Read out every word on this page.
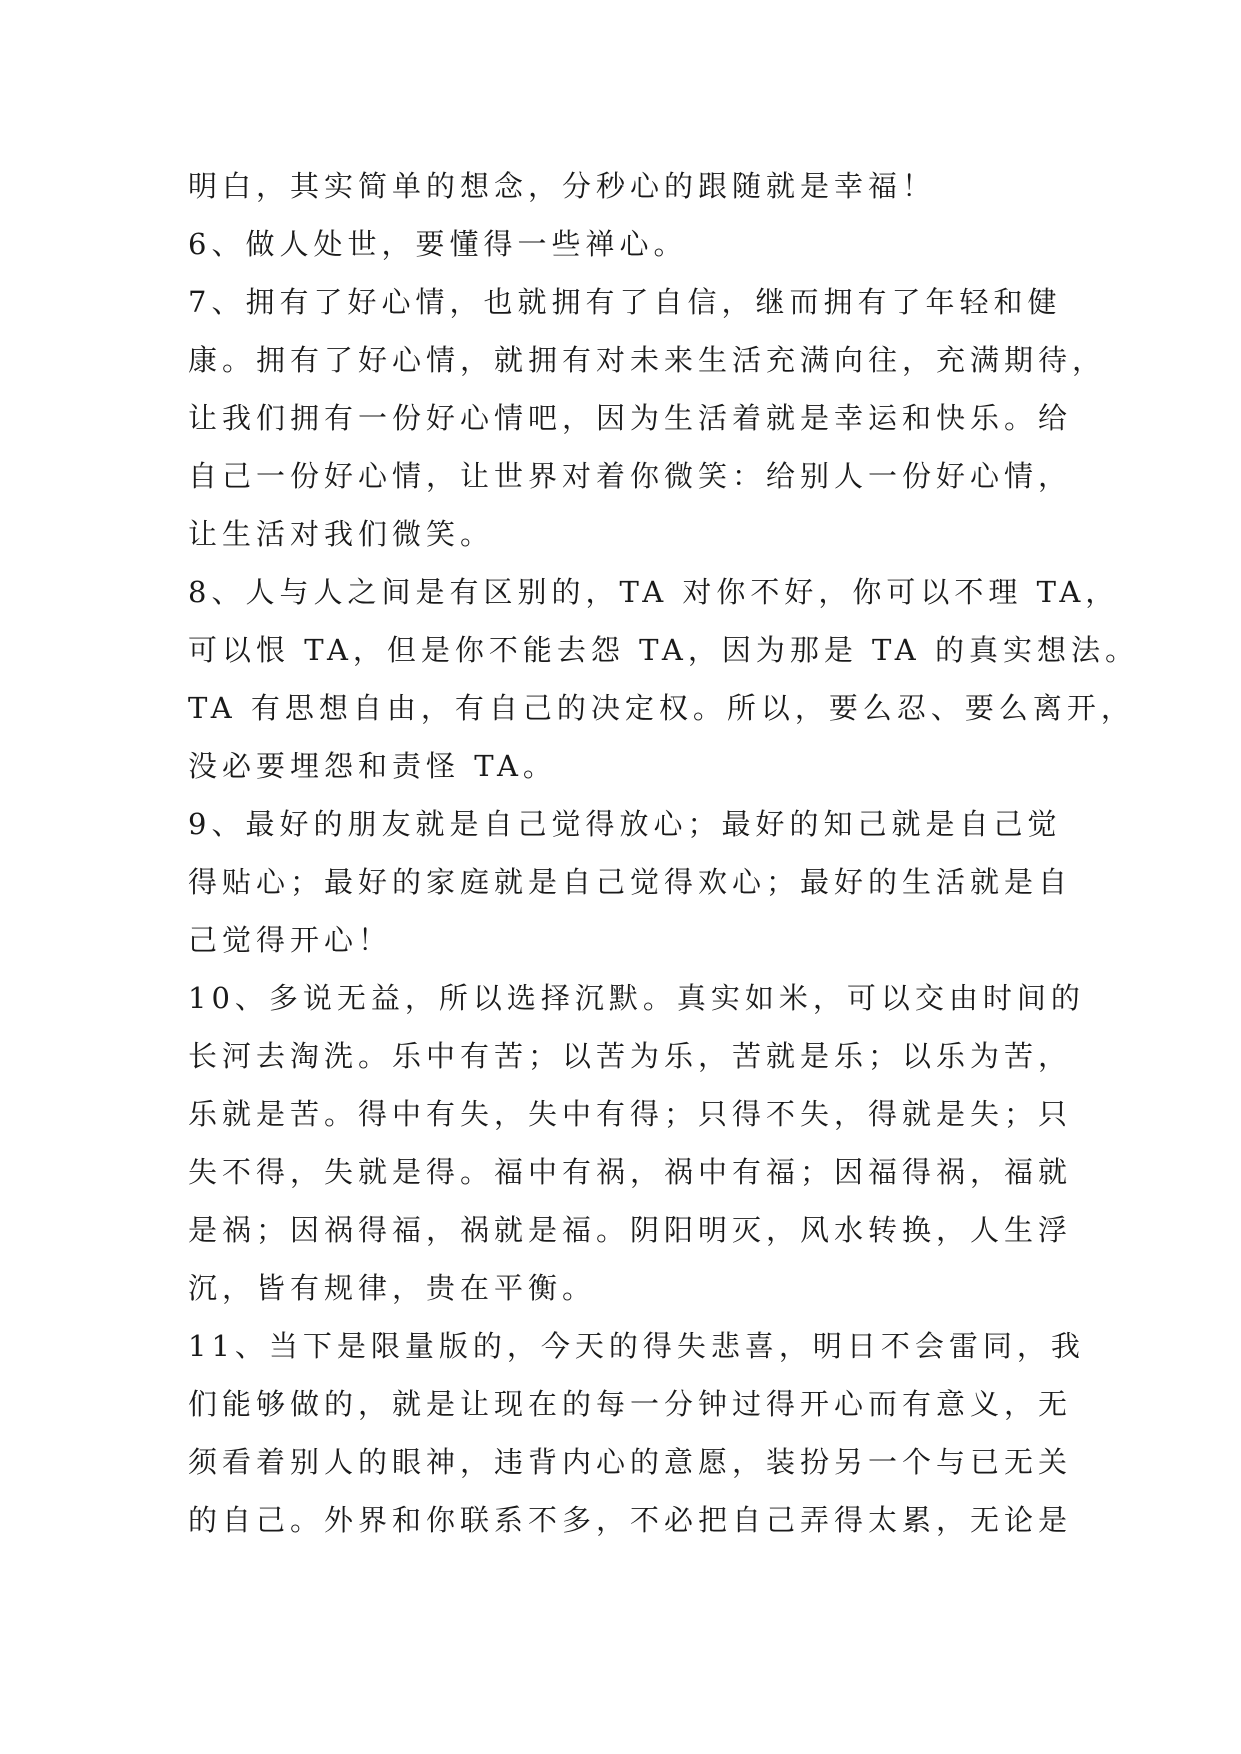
明白，其实简单的想念，分秒心的跟随就是幸福！
6、做人处世，要懂得一些禅心。
7、拥有了好心情，也就拥有了自信，继而拥有了年轻和健
康。拥有了好心情，就拥有对未来生活充满向往，充满期待，
让我们拥有一份好心情吧，因为生活着就是幸运和快乐。给
自己一份好心情，让世界对着你微笑：给别人一份好心情，
让生活对我们微笑。
8、人与人之间是有区别的，TA 对你不好，你可以不理 TA，
可以恨 TA，但是你不能去怨 TA，因为那是 TA 的真实想法。
TA 有思想自由，有自己的决定权。所以，要么忍、要么离开，
没必要埋怨和责怪 TA。
9、最好的朋友就是自己觉得放心；最好的知己就是自己觉
得贴心；最好的家庭就是自己觉得欢心；最好的生活就是自
己觉得开心！
10、多说无益，所以选择沉默。真实如米，可以交由时间的
长河去淘洗。乐中有苦；以苦为乐，苦就是乐；以乐为苦，
乐就是苦。得中有失，失中有得；只得不失，得就是失；只
失不得，失就是得。福中有祸，祸中有福；因福得祸，福就
是祸；因祸得福，祸就是福。阴阳明灭，风水转换，人生浮
沉，皆有规律，贵在平衡。
11、当下是限量版的，今天的得失悲喜，明日不会雷同，我
们能够做的，就是让现在的每一分钟过得开心而有意义，无
须看着别人的眼神，违背内心的意愿，装扮另一个与已无关
的自己。外界和你联系不多，不必把自己弄得太累，无论是
